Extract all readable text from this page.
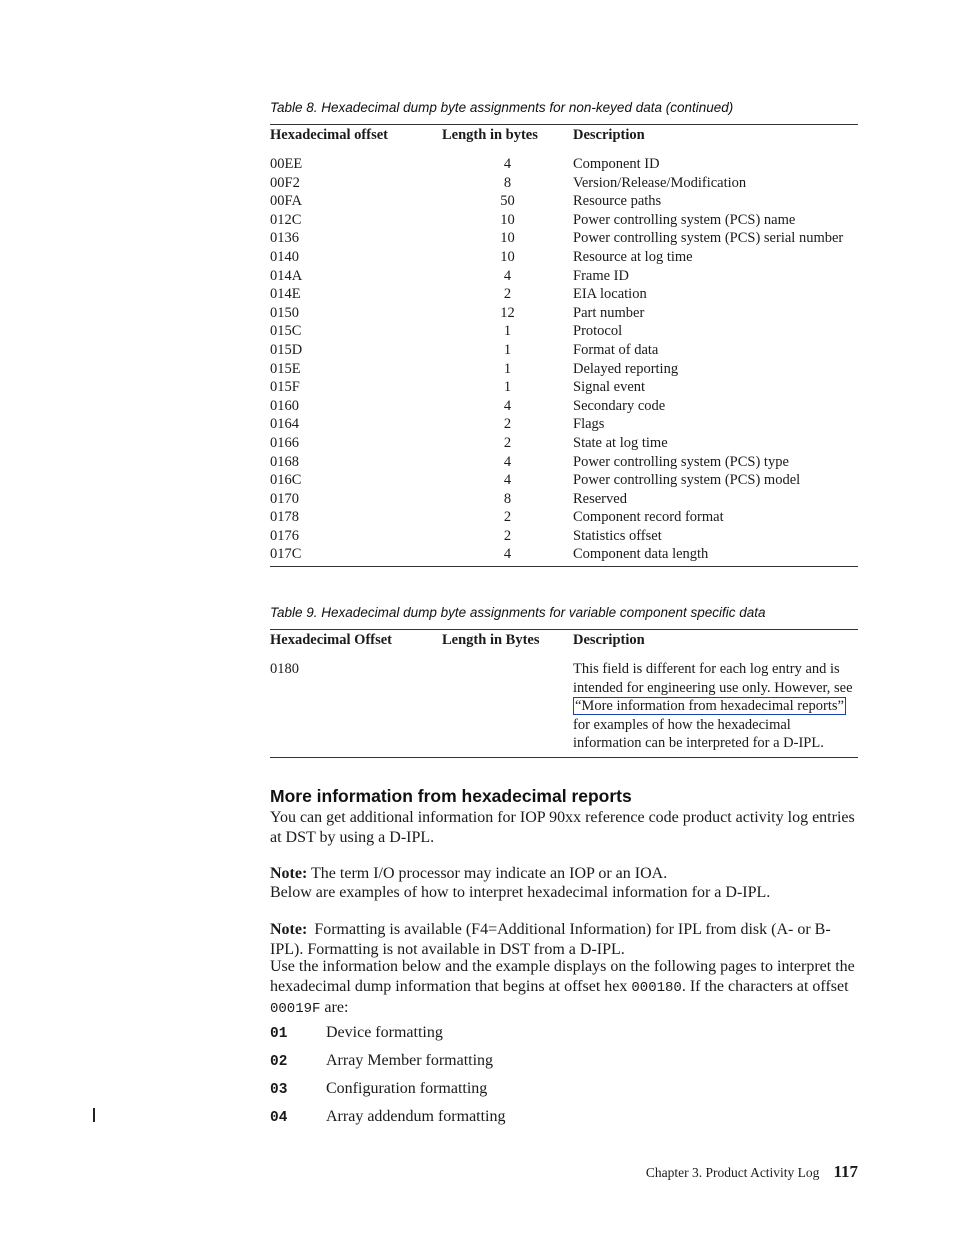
Table 8. Hexadecimal dump byte assignments for non-keyed data (continued)
Hexadecimal offset	Length in bytes	Description
00EE	4	Component ID
00F2	8	Version/Release/Modification
00FA	50	Resource paths
012C	10	Power controlling system (PCS) name
0136	10	Power controlling system (PCS) serial number
0140	10	Resource at log time
014A	4	Frame ID
014E	2	EIA location
0150	12	Part number
015C	1	Protocol
015D	1	Format of data
015E	1	Delayed reporting
015F	1	Signal event
0160	4	Secondary code
0164	2	Flags
0166	2	State at log time
0168	4	Power controlling system (PCS) type
016C	4	Power controlling system (PCS) model
0170	8	Reserved
0178	2	Component record format
0176	2	Statistics offset
017C	4	Component data length
Table 9. Hexadecimal dump byte assignments for variable component specific data
Hexadecimal Offset	Length in Bytes	Description
0180		This field is different for each log entry and is intended for engineering use only. However, see “More information from hexadecimal reports” for examples of how the hexadecimal information can be interpreted for a D-IPL.
More information from hexadecimal reports

You can get additional information for IOP 90xx reference code product activity log entries at DST by using a D-IPL.

Note: The term I/O processor may indicate an IOP or an IOA.

Below are examples of how to interpret hexadecimal information for a D-IPL.

Note: Formatting is available (F4=Additional Information) for IPL from disk (A- or B-IPL). Formatting is not available in DST from a D-IPL.

Use the information below and the example displays on the following pages to interpret the hexadecimal dump information that begins at offset hex 000180. If the characters at offset 00019F are:

01 Device formatting
02 Array Member formatting
03 Configuration formatting
04 Array addendum formatting
Chapter 3. Product Activity Log 117
